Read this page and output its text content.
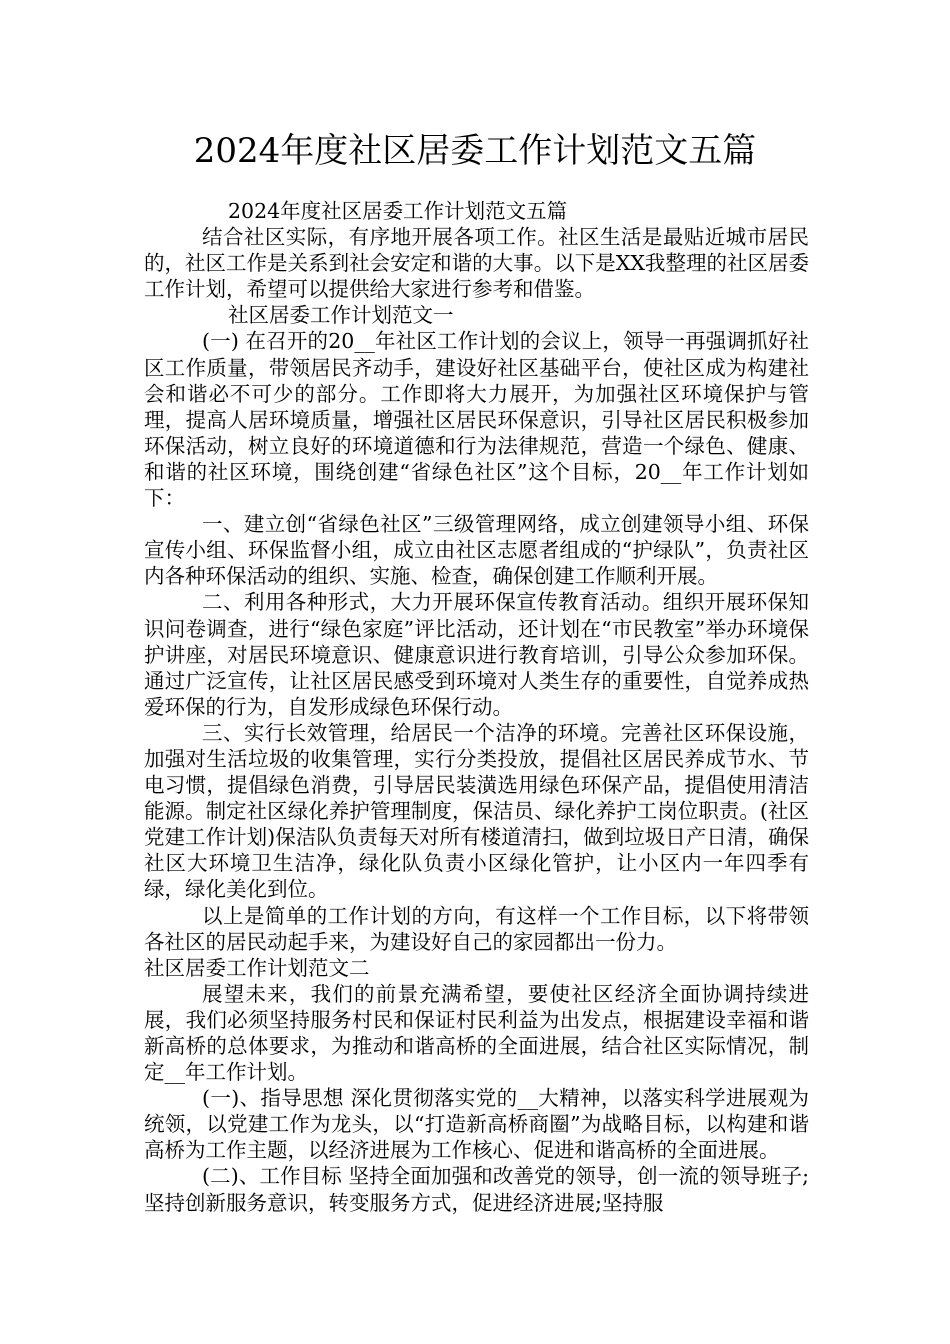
2024年度社区居委工作计划范文五篇

2024年度社区居委工作计划范文五篇

结合社区实际，有序地开展各项工作。社区生活是最贴近城市居民的，社区工作是关系到社会安定和谐的大事。以下是XX我整理的社区居委工作计划，希望可以提供给大家进行参考和借鉴。

社区居委工作计划范文一

(一) 在召开的20__年社区工作计划的会议上，领导一再强调抓好社区工作质量，带领居民齐动手，建设好社区基础平台，使社区成为构建社会和谐必不可少的部分。工作即将大力展开，为加强社区环境保护与管理，提高人居环境质量，增强社区居民环保意识，引导社区居民积极参加环保活动，树立良好的环境道德和行为法律规范，营造一个绿色、健康、和谐的社区环境，围绕创建“省绿色社区”这个目标，20__年工作计划如下：

一、建立创“省绿色社区”三级管理网络，成立创建领导小组、环保宣传小组、环保监督小组，成立由社区志愿者组成的“护绿队”，负责社区内各种环保活动的组织、实施、检查，确保创建工作顺利开展。

二、利用各种形式，大力开展环保宣传教育活动。组织开展环保知识问卷调查，进行“绿色家庭”评比活动，还计划在“市民教室”举办环境保护讲座，对居民环境意识、健康意识进行教育培训，引导公众参加环保。通过广泛宣传，让社区居民感受到环境对人类生存的重要性，自觉养成热爱环保的行为，自发形成绿色环保行动。

三、实行长效管理，给居民一个洁净的环境。完善社区环保设施，加强对生活垃圾的收集管理，实行分类投放，提倡社区居民养成节水、节电习惯，提倡绿色消费，引导居民装潢选用绿色环保产品，提倡使用清洁能源。制定社区绿化养护管理制度，保洁员、绿化养护工岗位职责。(社区党建工作计划)保洁队负责每天对所有楼道清扫，做到垃圾日产日清，确保社区大环境卫生洁净，绿化队负责小区绿化管护，让小区内一年四季有绿，绿化美化到位。

以上是简单的工作计划的方向，有这样一个工作目标，以下将带领各社区的居民动起手来，为建设好自己的家园都出一份力。

社区居委工作计划范文二

展望未来，我们的前景充满希望，要使社区经济全面协调持续进展，我们必须坚持服务村民和保证村民利益为出发点，根据建设幸福和谐新高桥的总体要求，为推动和谐高桥的全面进展，结合社区实际情况，制定__年工作计划。

(一)、指导思想 深化贯彻落实党的__大精神，以落实科学进展观为统领，以党建工作为龙头，以“打造新高桥商圈”为战略目标，以构建和谐高桥为工作主题，以经济进展为工作核心、促进和谐高桥的全面进展。

(二)、工作目标 坚持全面加强和改善党的领导，创一流的领导班子;坚持创新服务意识，转变服务方式，促进经济进展;坚持服
